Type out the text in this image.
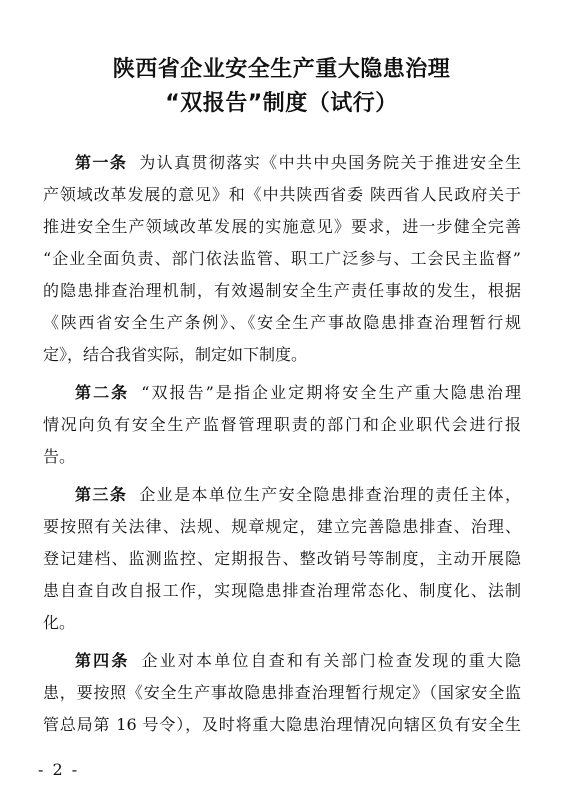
陕西省企业安全生产重大隐患治理
“双报告”制度（试行）
第一条 为认真贯彻落实《中共中央国务院关于推进安全生
产领域改革发展的意见》和《中共陕西省委 陕西省人民政府关于
推进安全生产领域改革发展的实施意见》要求，进一步健全完善
“企业全面负责、部门依法监管、职工广泛参与、工会民主监督”
的隐患排查治理机制，有效遏制安全生产责任事故的发生，根据
《陕西省安全生产条例》、《安全生产事故隐患排查治理暂行规
定》，结合我省实际，制定如下制度。
第二条 “双报告”是指企业定期将安全生产重大隐患治理
情况向负有安全生产监督管理职责的部门和企业职代会进行报
告。
第三条 企业是本单位生产安全隐患排查治理的责任主体，
要按照有关法律、法规、规章规定，建立完善隐患排查、治理、
登记建档、监测监控、定期报告、整改销号等制度，主动开展隐
患自查自改自报工作，实现隐患排查治理常态化、制度化、法制
化。
第四条 企业对本单位自查和有关部门检查发现的重大隐
患，要按照《安全生产事故隐患排查治理暂行规定》（国家安全监
管总局第 16 号令），及时将重大隐患治理情况向辖区负有安全生
- 2 -
